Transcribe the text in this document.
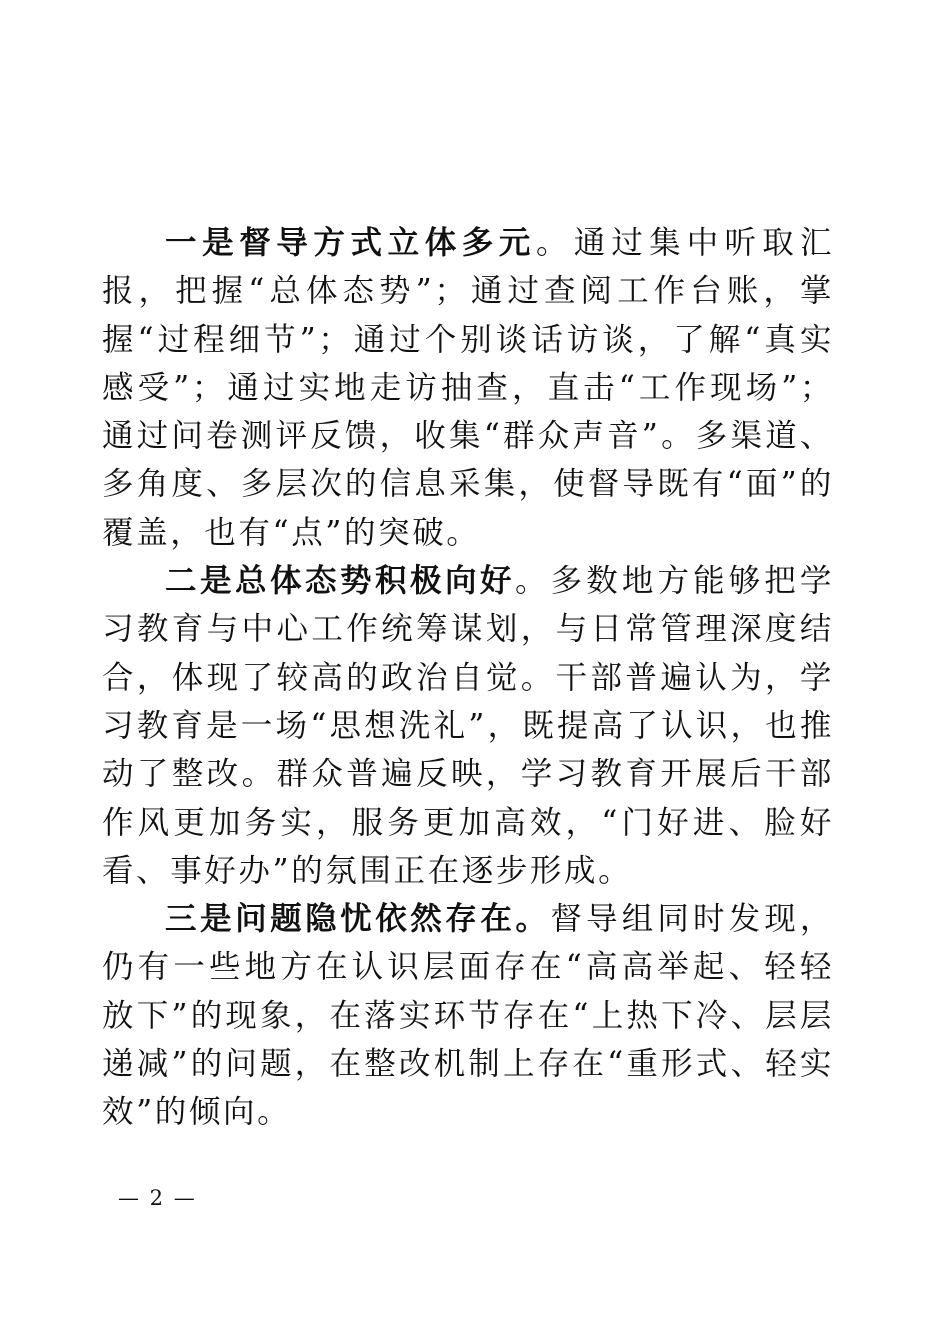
一是督导方式立体多元。通过集中听取汇报，把握“总体态势”；通过查阅工作台账，掌握“过程细节”；通过个别谈话访谈，了解“真实感受”；通过实地走访抽查，直击“工作现场”；通过问卷测评反馈，收集“群众声音”。多渠道、多角度、多层次的信息采集，使督导既有“面”的覆盖，也有“点”的突破。

二是总体态势积极向好。多数地方能够把学习教育与中心工作统筹谋划，与日常管理深度结合，体现了较高的政治自觉。干部普遍认为，学习教育是一场“思想洗礼”，既提高了认识，也推动了整改。群众普遍反映，学习教育开展后干部作风更加务实，服务更加高效，“门好进、脸好看、事好办”的氛围正在逐步形成。

三是问题隐忧依然存在。督导组同时发现，仍有一些地方在认识层面存在“高高举起、轻轻放下”的现象，在落实环节存在“上热下冷、层层递减”的问题，在整改机制上存在“重形式、轻实效”的倾向。

— 2 —
